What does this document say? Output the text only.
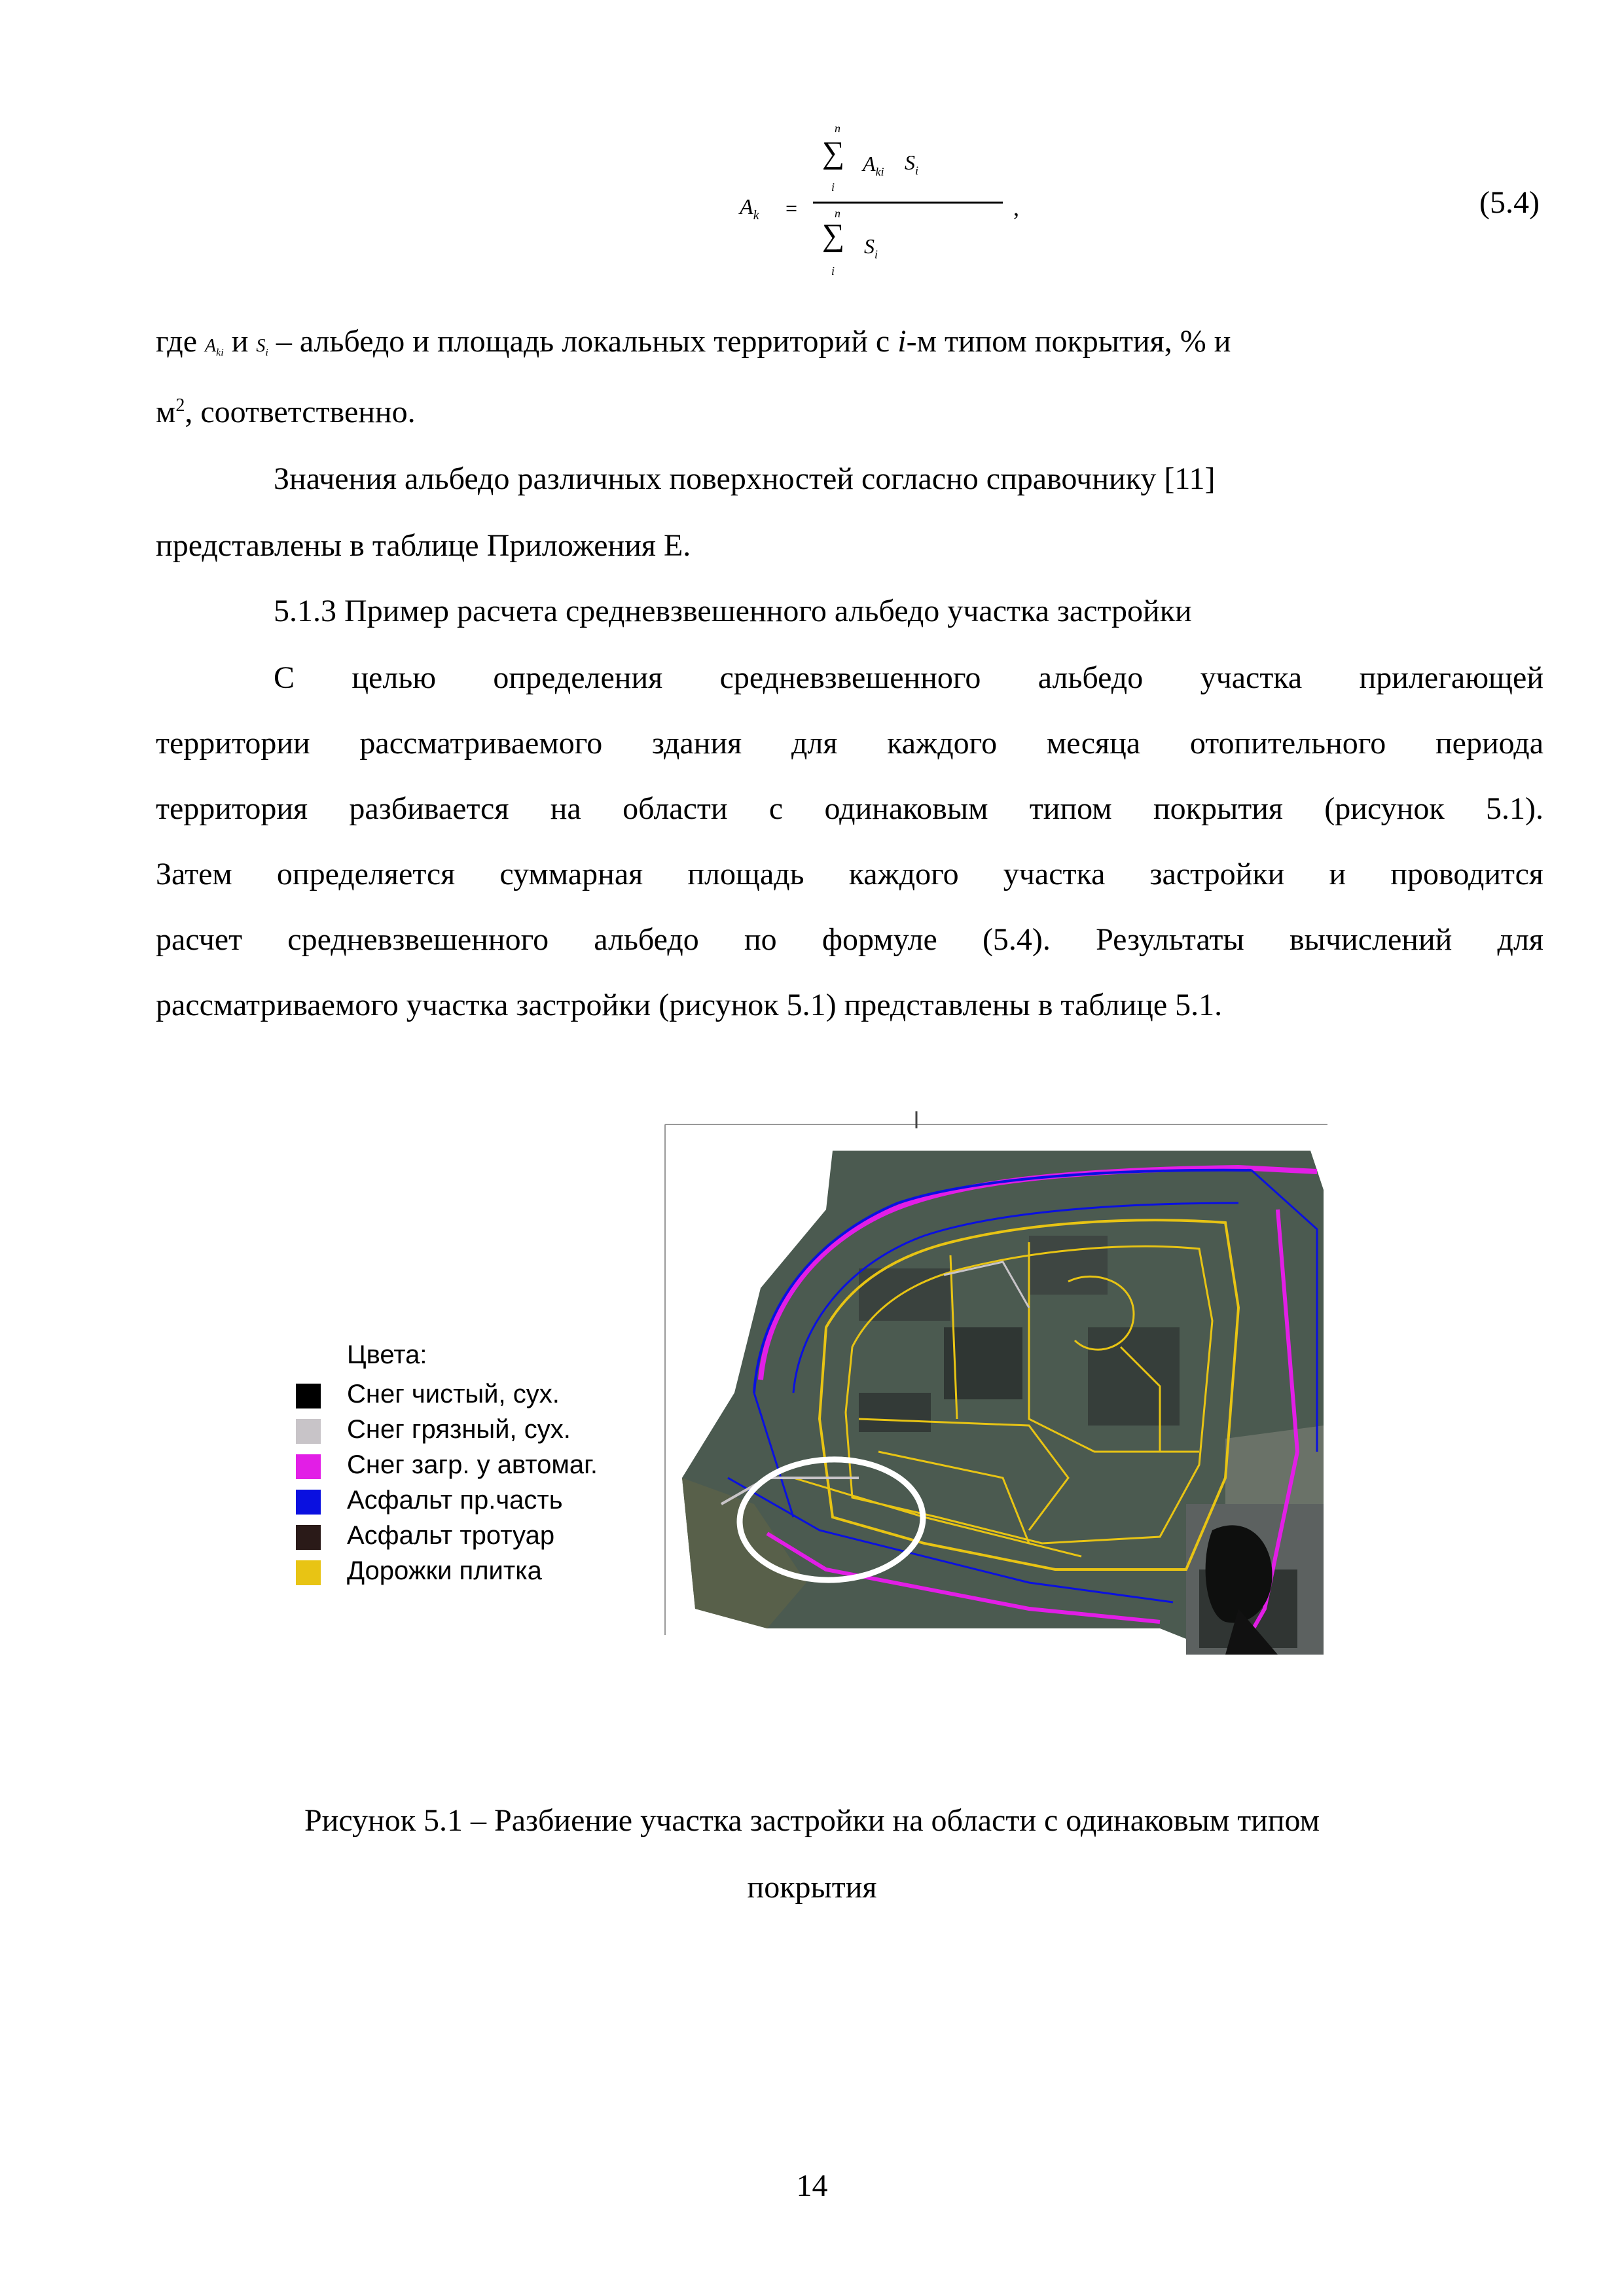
$A_k$ =
n
∑
i
$A_{ki}$ $S_i$
n
∑
i
$S_i$
,	(5.4)
где $A_{ki}$ и $S_i$ – альбедо и площадь локальных территорий с i-м типом покрытия, % и
$м^2$, соответственно.
Значения альбедо различных поверхностей согласно справочнику [11]
представлены в таблице Приложения Е.
5.1.3 Пример расчета средневзвешенного альбедо участка застройки
С целью определения средневзвешенного альбедо участка прилегающей
территории рассматриваемого здания для каждого месяца отопительного периода
территория разбивается на области с одинаковым типом покрытия (рисунок 5.1).
Затем определяется суммарная площадь каждого участка застройки и проводится
расчет средневзвешенного альбедо по формуле (5.4). Результаты вычислений для
рассматриваемого участка застройки (рисунок 5.1) представлены в таблице 5.1.
Цвета:
Снег чистый, сух.
Снег грязный, сух.
Снег загр. у автомаг.
Асфальт пр.часть
Асфальт тротуар
Дорожки плитка
Рисунок 5.1 – Разбиение участка застройки на области с одинаковым типом
покрытия
14
